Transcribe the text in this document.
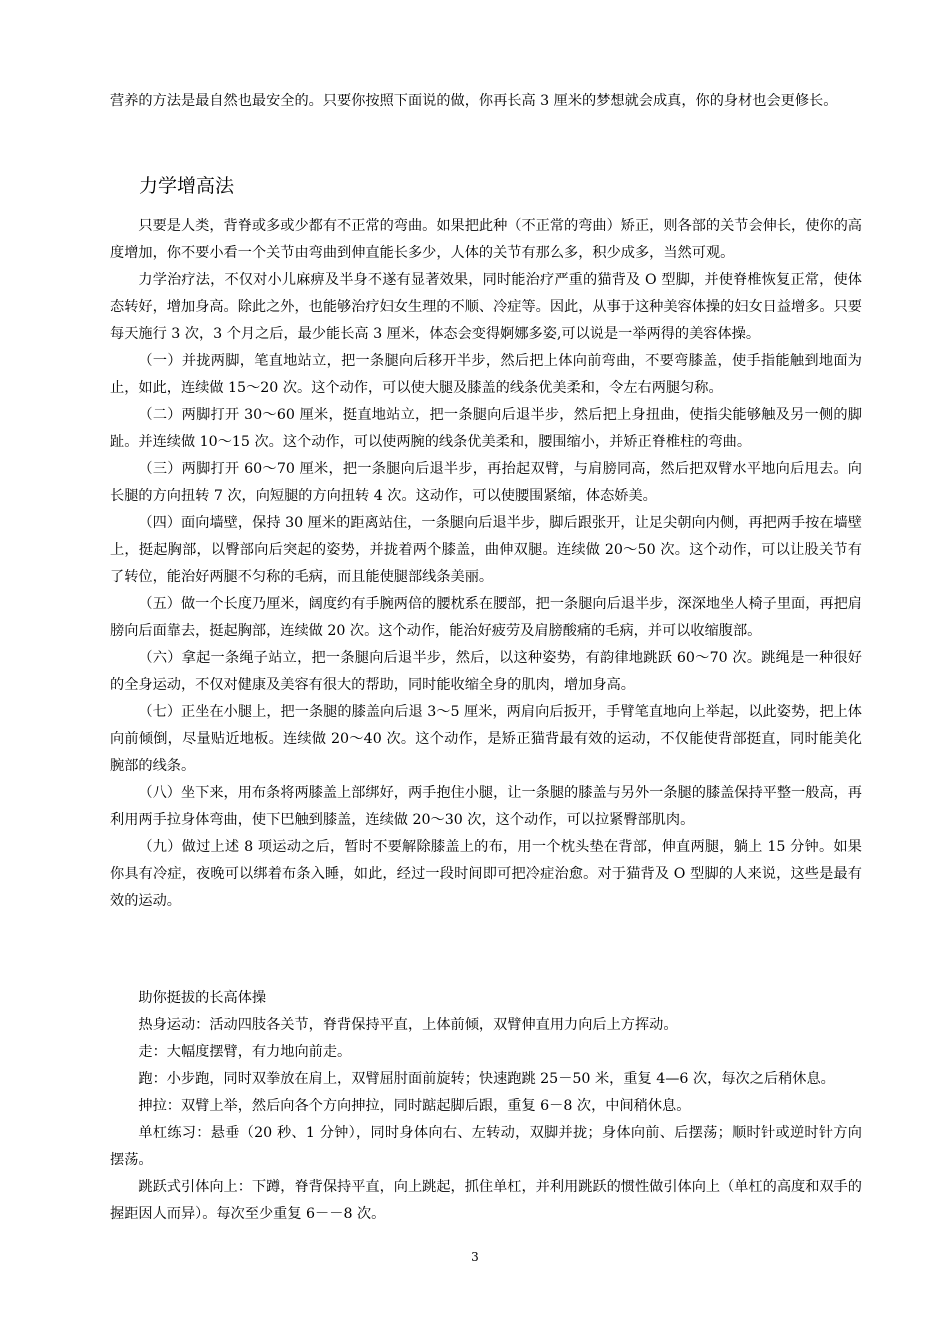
营养的方法是最自然也最安全的。只要你按照下面说的做，你再长高 3 厘米的梦想就会成真，你的身材也会更修长。

力学增高法

只要是人类，背脊或多或少都有不正常的弯曲。如果把此种（不正常的弯曲）矫正，则各部的关节会伸长，使你的高度增加，你不要小看一个关节由弯曲到伸直能长多少，人体的关节有那么多，积少成多，当然可观。

力学治疗法，不仅对小儿麻痹及半身不遂有显著效果，同时能治疗严重的猫背及 O 型脚，并使脊椎恢复正常，使体态转好，增加身高。除此之外，也能够治疗妇女生理的不顺、冷症等。因此，从事于这种美容体操的妇女日益增多。只要每天施行 3 次，3 个月之后，最少能长高 3 厘米，体态会变得婀娜多姿,可以说是一举两得的美容体操。

（一）并拢两脚，笔直地站立，把一条腿向后移开半步，然后把上体向前弯曲，不要弯膝盖，使手指能触到地面为止，如此，连续做 15～20 次。这个动作，可以使大腿及膝盖的线条优美柔和，令左右两腿匀称。

（二）两脚打开 30～60 厘米，挺直地站立，把一条腿向后退半步，然后把上身扭曲，使指尖能够触及另一侧的脚趾。并连续做 10～15 次。这个动作，可以使两腕的线条优美柔和，腰围缩小，并矫正脊椎柱的弯曲。

（三）两脚打开 60～70 厘米，把一条腿向后退半步，再抬起双臂，与肩膀同高，然后把双臂水平地向后甩去。向长腿的方向扭转 7 次，向短腿的方向扭转 4 次。这动作，可以使腰围紧缩，体态娇美。

（四）面向墙壁，保持 30 厘米的距离站住，一条腿向后退半步，脚后跟张开，让足尖朝向内侧，再把两手按在墙壁上，挺起胸部，以臀部向后突起的姿势，并拢着两个膝盖，曲伸双腿。连续做 20～50 次。这个动作，可以让股关节有了转位，能治好两腿不匀称的毛病，而且能使腿部线条美丽。

（五）做一个长度乃厘米，阔度约有手腕两倍的腰枕系在腰部，把一条腿向后退半步，深深地坐人椅子里面，再把肩膀向后面靠去，挺起胸部，连续做 20 次。这个动作，能治好疲劳及肩膀酸痛的毛病，并可以收缩腹部。

（六）拿起一条绳子站立，把一条腿向后退半步，然后，以这种姿势，有韵律地跳跃 60～70 次。跳绳是一种很好的全身运动，不仅对健康及美容有很大的帮助，同时能收缩全身的肌肉，增加身高。

（七）正坐在小腿上，把一条腿的膝盖向后退 3～5 厘米，两肩向后扳开，手臂笔直地向上举起，以此姿势，把上体向前倾倒，尽量贴近地板。连续做 20～40 次。这个动作，是矫正猫背最有效的运动，不仅能使背部挺直，同时能美化腕部的线条。

（八）坐下来，用布条将两膝盖上部绑好，两手抱住小腿，让一条腿的膝盖与另外一条腿的膝盖保持平整一般高，再利用两手拉身体弯曲，使下巴触到膝盖，连续做 20～30 次，这个动作，可以拉紧臀部肌肉。

（九）做过上述 8 项运动之后，暂时不要解除膝盖上的布，用一个枕头垫在背部，伸直两腿，躺上 15 分钟。如果你具有冷症，夜晚可以绑着布条入睡，如此，经过一段时间即可把冷症治愈。对于猫背及 O 型脚的人来说，这些是最有效的运动。

助你挺拔的长高体操

热身运动：活动四肢各关节，脊背保持平直，上体前倾，双臂伸直用力向后上方挥动。

走：大幅度摆臂，有力地向前走。

跑：小步跑，同时双拳放在肩上，双臂屈肘面前旋转；快速跑跳 25－50 米，重复 4—6 次，每次之后稍休息。

抻拉：双臂上举，然后向各个方向抻拉，同时踮起脚后跟，重复 6－8 次，中间稍休息。

单杠练习：悬垂（20 秒、1 分钟），同时身体向右、左转动，双脚并拢；身体向前、后摆荡；顺时针或逆时针方向摆荡。

跳跃式引体向上：下蹲，脊背保持平直，向上跳起，抓住单杠，并利用跳跃的惯性做引体向上（单杠的高度和双手的握距因人而异）。每次至少重复 6－－8 次。

3
